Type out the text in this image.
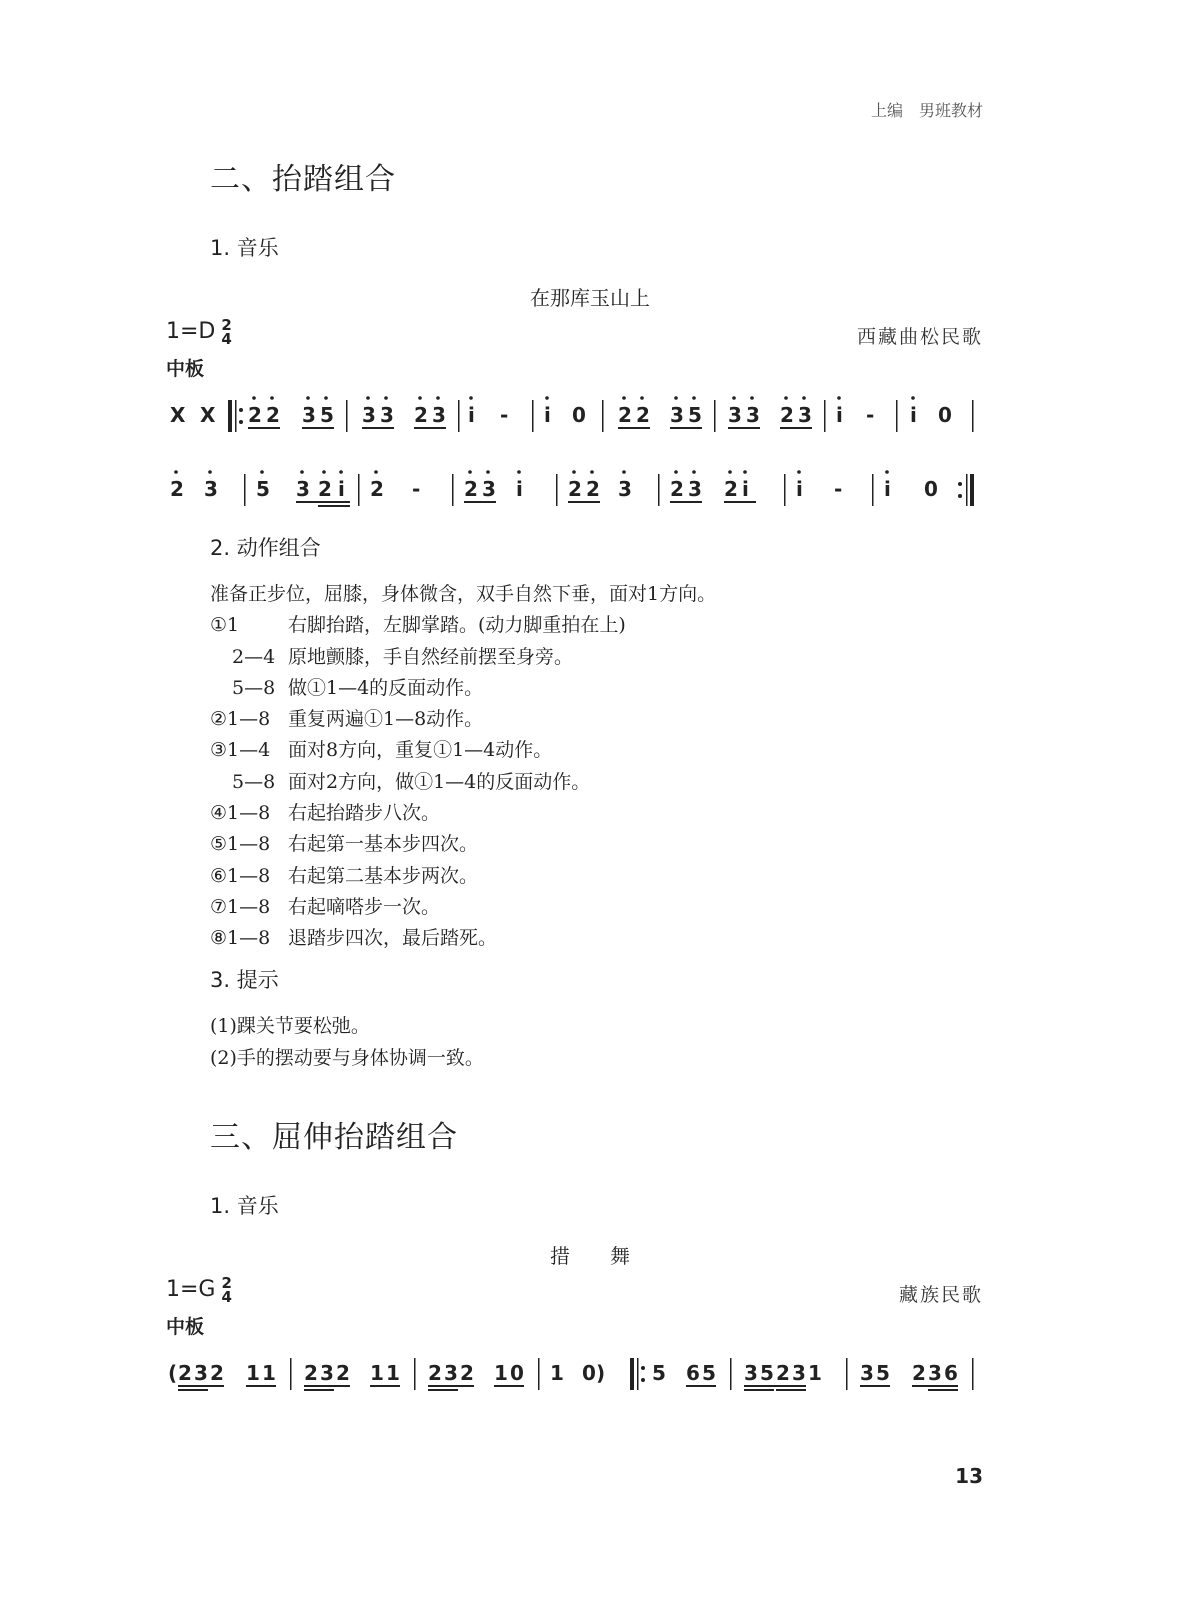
上编　男班教材
二、抬踏组合
1. 音乐
在那库玉山上
1=D 2
4	西藏曲松民歌
中板
X X 2 2 3 5 3 3 2 3 i - i 0 2 2 3 5 3 3 2 3 i - i 0
2 3 5 3 2 i 2 - 2 3 i 2 2 3 2 3 2 i i - i 0
2. 动作组合
准备正步位，屈膝，身体微含，双手自然下垂，面对1方向。
①1	右脚抬踏，左脚掌踏。(动力脚重拍在上)
2—4 原地颤膝，手自然经前摆至身旁。
5—8 做①1—4的反面动作。
②1—8 重复两遍①1—8动作。
③1—4 面对8方向，重复①1—4动作。
5—8 面对2方向，做①1—4的反面动作。
④1—8 右起抬踏步八次。
⑤1—8 右起第一基本步四次。
⑥1—8 右起第二基本步两次。
⑦1—8 右起嘀嗒步一次。
⑧1—8 退踏步四次，最后踏死。
3. 提示
(1)踝关节要松弛。
(2)手的摆动要与身体协调一致。
三、屈伸抬踏组合
1. 音乐
措　　舞
1=G 2
4	藏族民歌
中板
( 2 3 2 1 1 2 3 2 1 1 2 3 2 1 0 1 0 ) 5 6 5 3 5 2 3 1 3 5 2 3 6
13
